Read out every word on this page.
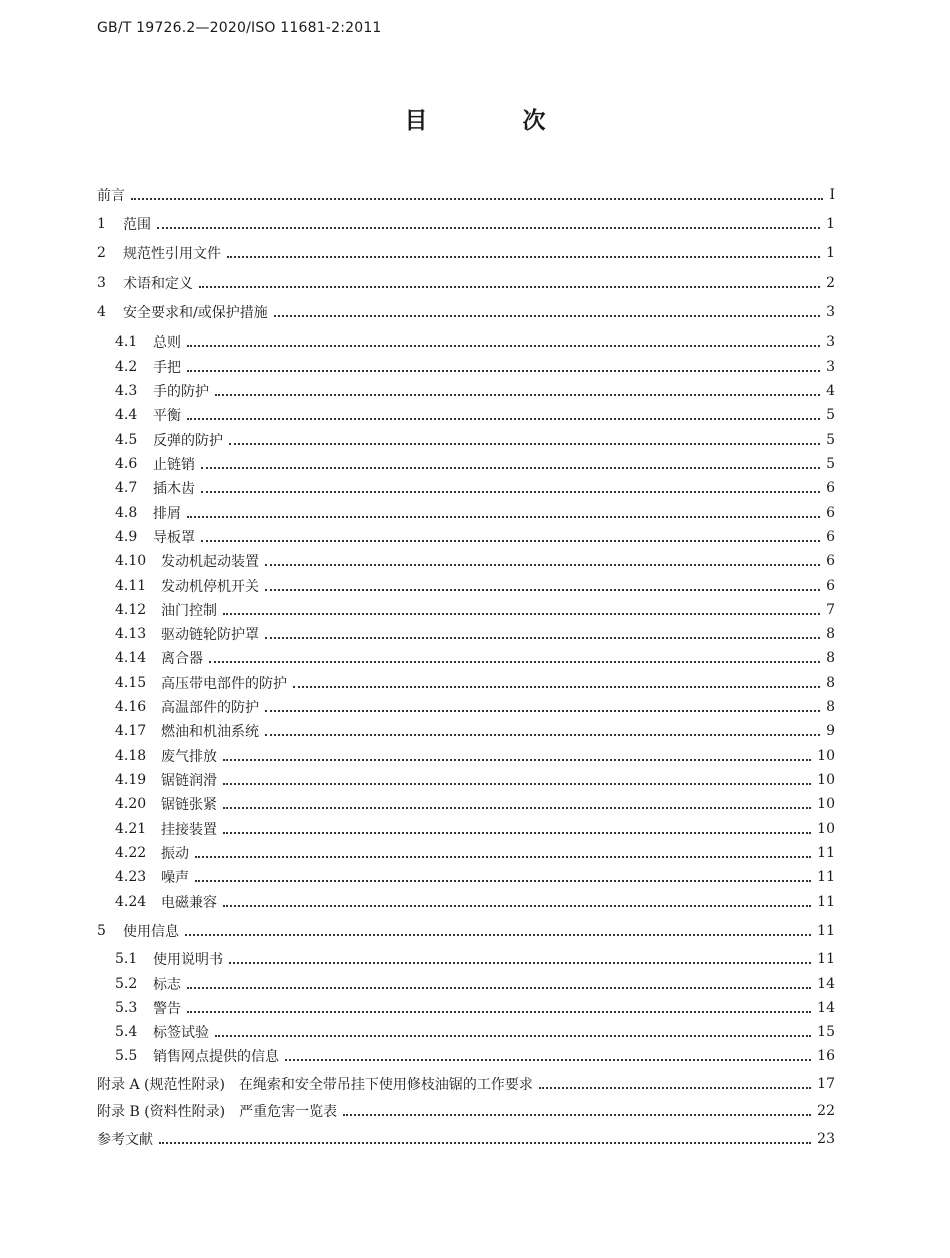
GB/T 19726.2—2020/ISO 11681-2:2011
目　次
前言	Ⅰ
1	范围	1
2	规范性引用文件	1
3	术语和定义	2
4	安全要求和/或保护措施	3
4.1	总则	3
4.2	手把	3
4.3	手的防护	4
4.4	平衡	5
4.5	反弹的防护	5
4.6	止链销	5
4.7	插木齿	6
4.8	排屑	6
4.9	导板罩	6
4.10	发动机起动装置	6
4.11	发动机停机开关	6
4.12	油门控制	7
4.13	驱动链轮防护罩	8
4.14	离合器	8
4.15	高压带电部件的防护	8
4.16	高温部件的防护	8
4.17	燃油和机油系统	9
4.18	废气排放	10
4.19	锯链润滑	10
4.20	锯链张紧	10
4.21	挂接装置	10
4.22	振动	11
4.23	噪声	11
4.24	电磁兼容	11
5	使用信息	11
5.1	使用说明书	11
5.2	标志	14
5.3	警告	14
5.4	标签试验	15
5.5	销售网点提供的信息	16
附录 A (规范性附录)　在绳索和安全带吊挂下使用修枝油锯的工作要求	17
附录 B (资料性附录)　严重危害一览表	22
参考文献	23
